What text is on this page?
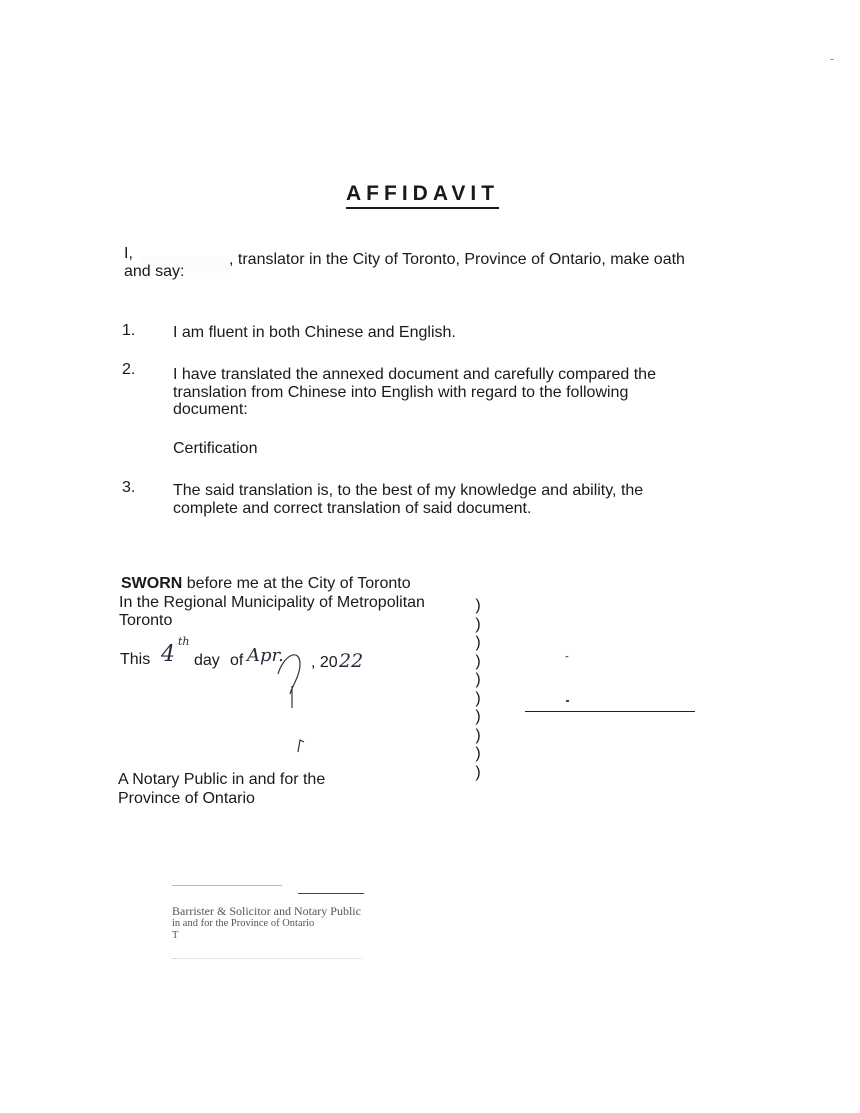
AFFIDAVIT
I,	, translator in the City of Toronto, Province of Ontario, make oath
and say:
1. I am fluent in both Chinese and English.
2. I have translated the annexed document and carefully compared the
translation from Chinese into English with regard to the following
document:
Certification
3. The said translation is, to the best of my knowledge and ability, the
complete and correct translation of said document.
SWORN before me at the City of Toronto
In the Regional Municipality of Metropolitan
Toronto
This 4
th
day of Apr. , 20 22
)
)
)
)
)
)
)
)
)
)
A Notary Public in and for the
Province of Ontario
Barrister & Solicitor and Notary Public
in and for the Province of Ontario
T
